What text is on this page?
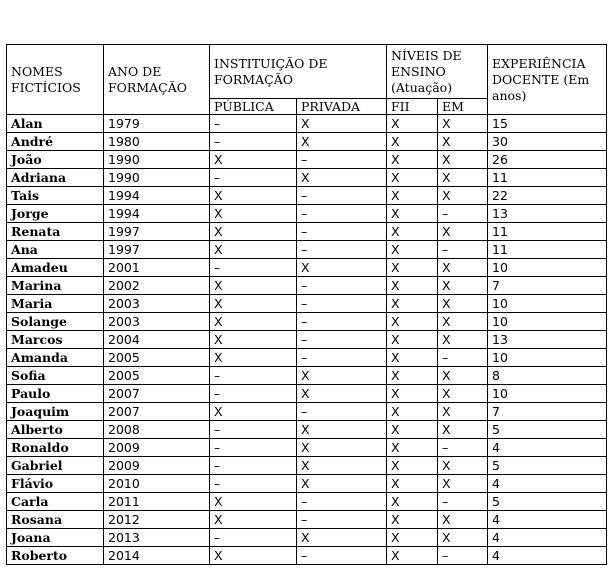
NOMES FICTÍCIOS	ANO DE FORMAÇÃO	INSTITUIÇÃO DE FORMAÇÃO		NÍVEIS DE ENSINO (Atuação)		EXPERIÊNCIA DOCENTE (Em anos)
		PÚBLICA	PRIVADA	FII	EM	
Alan	1979	–	X	X	X	15
André	1980	–	X	X	X	30
João	1990	X	–	X	X	26
Adriana	1990	–	X	X	X	11
Tais	1994	X	–	X	X	22
Jorge	1994	X	–	X	–	13
Renata	1997	X	–	X	X	11
Ana	1997	X	–	X	–	11
Amadeu	2001	–	X	X	X	10
Marina	2002	X	–	X	X	7
Maria	2003	X	–	X	X	10
Solange	2003	X	–	X	X	10
Marcos	2004	X	–	X	X	13
Amanda	2005	X	–	X	–	10
Sofia	2005	–	X	X	X	8
Paulo	2007	–	X	X	X	10
Joaquim	2007	X	–	X	X	7
Alberto	2008	–	X	X	X	5
Ronaldo	2009	–	X	X	–	4
Gabriel	2009	–	X	X	X	5
Flávio	2010	–	X	X	X	4
Carla	2011	X	–	X	–	5
Rosana	2012	X	–	X	X	4
Joana	2013	–	X	X	X	4
Roberto	2014	X	–	X	–	4
